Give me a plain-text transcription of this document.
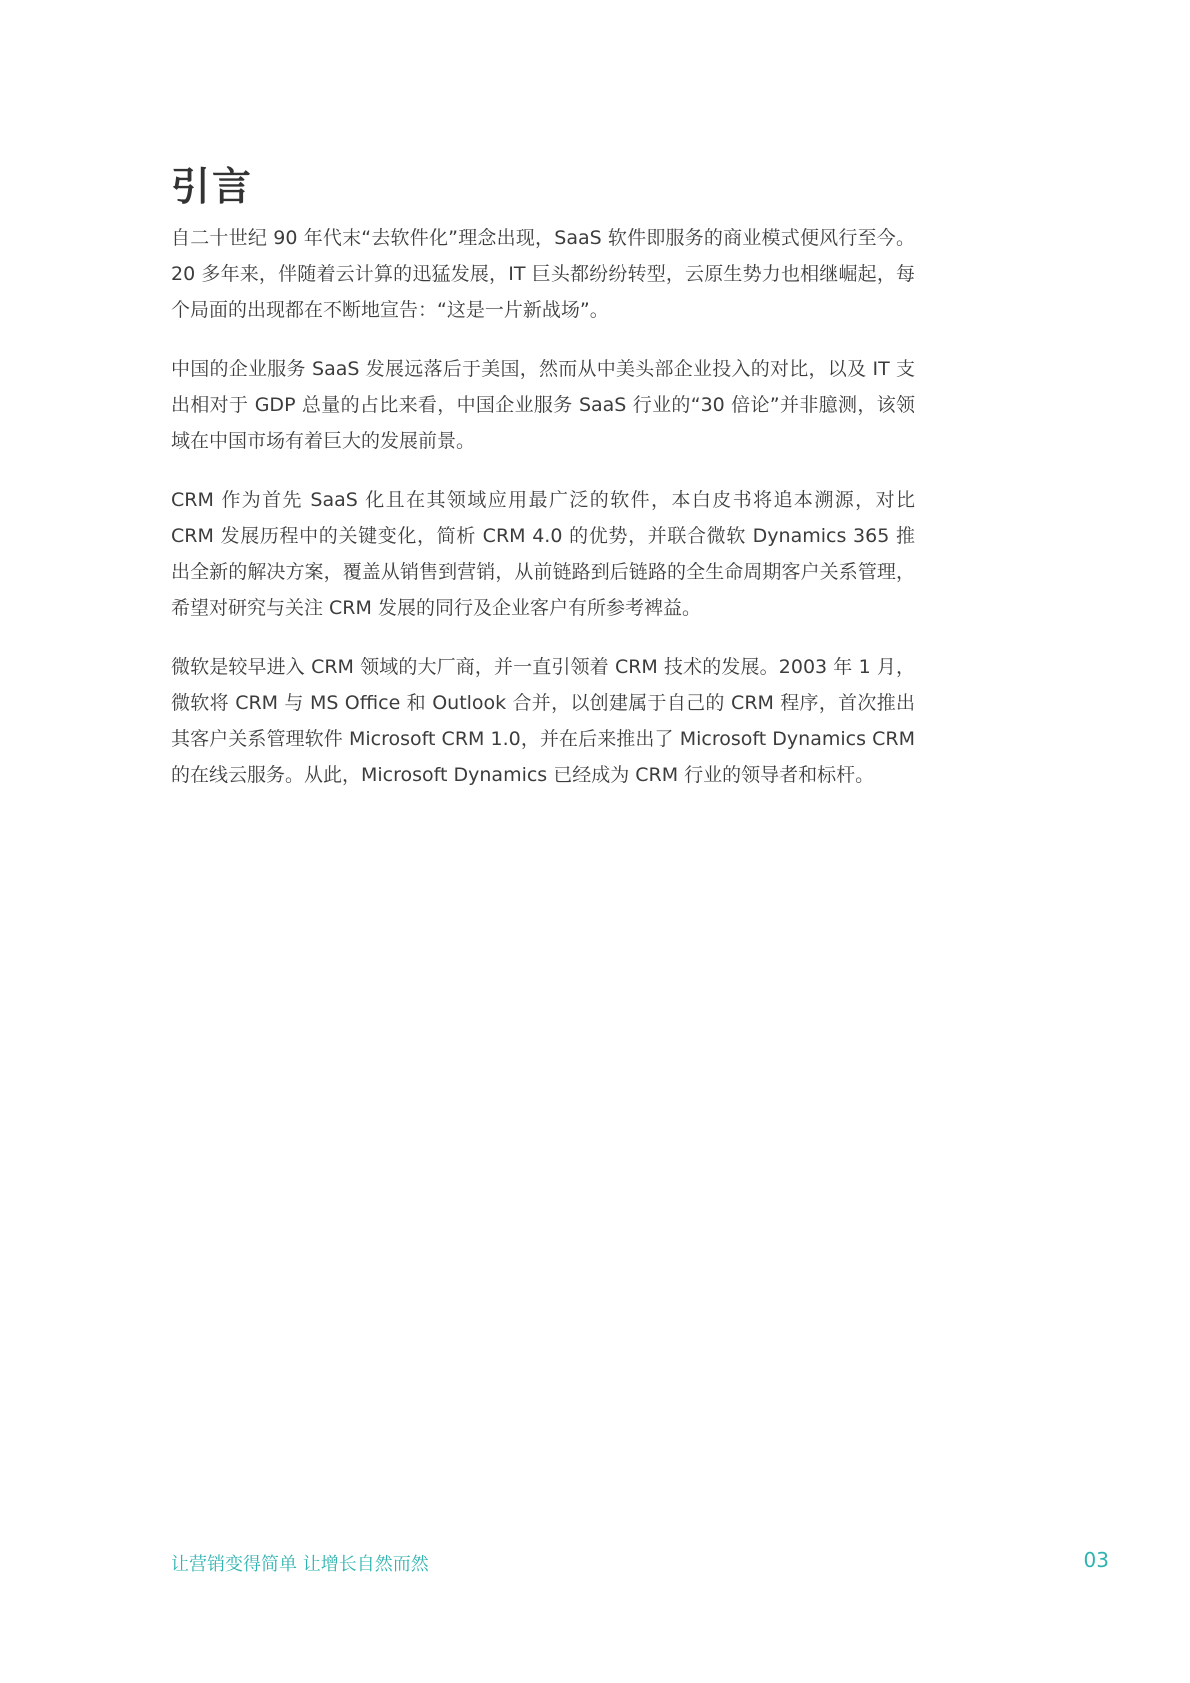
引言

自二十世纪 90 年代末“去软件化”理念出现，SaaS 软件即服务的商业模式便风行至今。20 多年来，伴随着云计算的迅猛发展，IT 巨头都纷纷转型，云原生势力也相继崛起，每个局面的出现都在不断地宣告：“这是一片新战场”。

中国的企业服务 SaaS 发展远落后于美国，然而从中美头部企业投入的对比，以及 IT 支出相对于 GDP 总量的占比来看，中国企业服务 SaaS 行业的“30 倍论”并非臆测，该领域在中国市场有着巨大的发展前景。

CRM 作为首先 SaaS 化且在其领域应用最广泛的软件，本白皮书将追本溯源，对比 CRM 发展历程中的关键变化，简析 CRM 4.0 的优势，并联合微软 Dynamics 365 推出全新的解决方案，覆盖从销售到营销，从前链路到后链路的全生命周期客户关系管理，希望对研究与关注 CRM 发展的同行及企业客户有所参考裨益。

微软是较早进入 CRM 领域的大厂商，并一直引领着 CRM 技术的发展。2003 年 1 月，微软将 CRM 与 MS Office 和 Outlook 合并，以创建属于自己的 CRM 程序，首次推出其客户关系管理软件 Microsoft CRM 1.0，并在后来推出了 Microsoft Dynamics CRM 的在线云服务。从此，Microsoft Dynamics 已经成为 CRM 行业的领导者和标杆。

让营销变得简单 让增长自然而然	03
